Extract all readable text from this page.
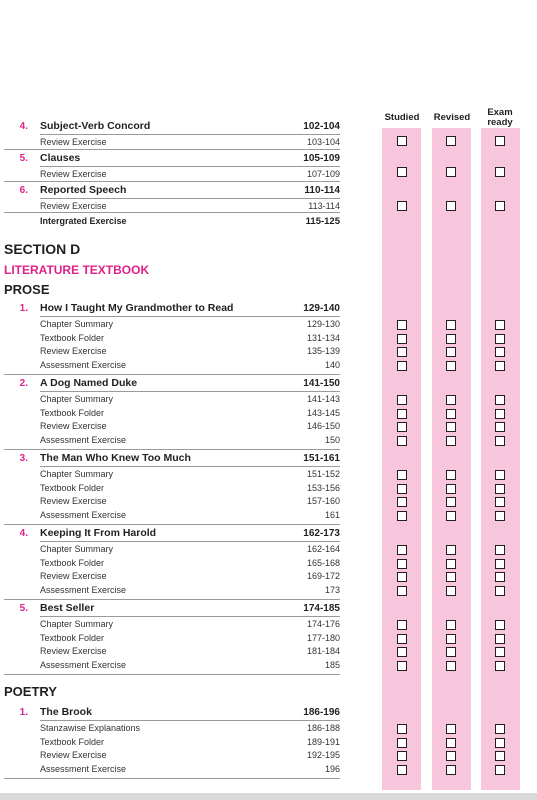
Studied	Revised	Exam ready
4. Subject-Verb Concord	102-104
Review Exercise	103-104
5. Clauses	105-109
Review Exercise	107-109
6. Reported Speech	110-114
Review Exercise	113-114
Intergrated Exercise	115-125
SECTION D
LITERATURE TEXTBOOK
PROSE
1. How I Taught My Grandmother to Read	129-140
Chapter Summary	129-130
Textbook Folder	131-134
Review Exercise	135-139
Assessment Exercise	140
2. A Dog Named Duke	141-150
Chapter Summary	141-143
Textbook Folder	143-145
Review Exercise	146-150
Assessment Exercise	150
3. The Man Who Knew Too Much	151-161
Chapter Summary	151-152
Textbook Folder	153-156
Review Exercise	157-160
Assessment Exercise	161
4. Keeping It From Harold	162-173
Chapter Summary	162-164
Textbook Folder	165-168
Review Exercise	169-172
Assessment Exercise	173
5. Best Seller	174-185
Chapter Summary	174-176
Textbook Folder	177-180
Review Exercise	181-184
Assessment Exercise	185
POETRY
1. The Brook	186-196
Stanzawise Explanations	186-188
Textbook Folder	189-191
Review Exercise	192-195
Assessment Exercise	196
